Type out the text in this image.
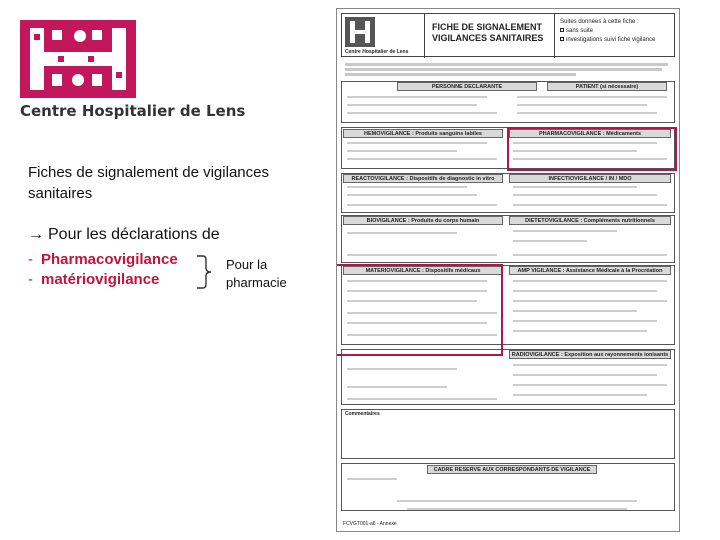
Centre Hospitalier de Lens
Fiches de signalement de vigilances sanitaires
→ Pour les déclarations de
- Pharmacovigilance
- matériovigilance
Pour la pharmacie
Centre Hospitalier de Lens
FICHE DE SIGNALEMENT VIGILANCES SANITAIRES
Suites données à cette fiche :
sans suite
investigations suivi fiche vigilance
PERSONNE DECLARANTE	PATIENT (si nécessaire)
HEMOVIGILANCE : Produits sanguins labiles	PHARMACOVIGILANCE : Médicaments
REACTOVIGILANCE : Dispositifs de diagnostic in vitro	INFECTIOVIGILANCE / IN / MDO
BIOVIGILANCE : Produits du corps humain	DIETETOVIGILANCE : Compléments nutritionnels
MATERIOVIGILANCE : Dispositifs médicaux	AMP VIGILANCE : Assistance Médicale à la Procréation
RADIOVIGILANCE : Exposition aux rayonnements ionisants
Commentaires
CADRE RESERVE AUX CORRESPONDANTS DE VIGILANCE
FCVGT001-a6 - Annexe
